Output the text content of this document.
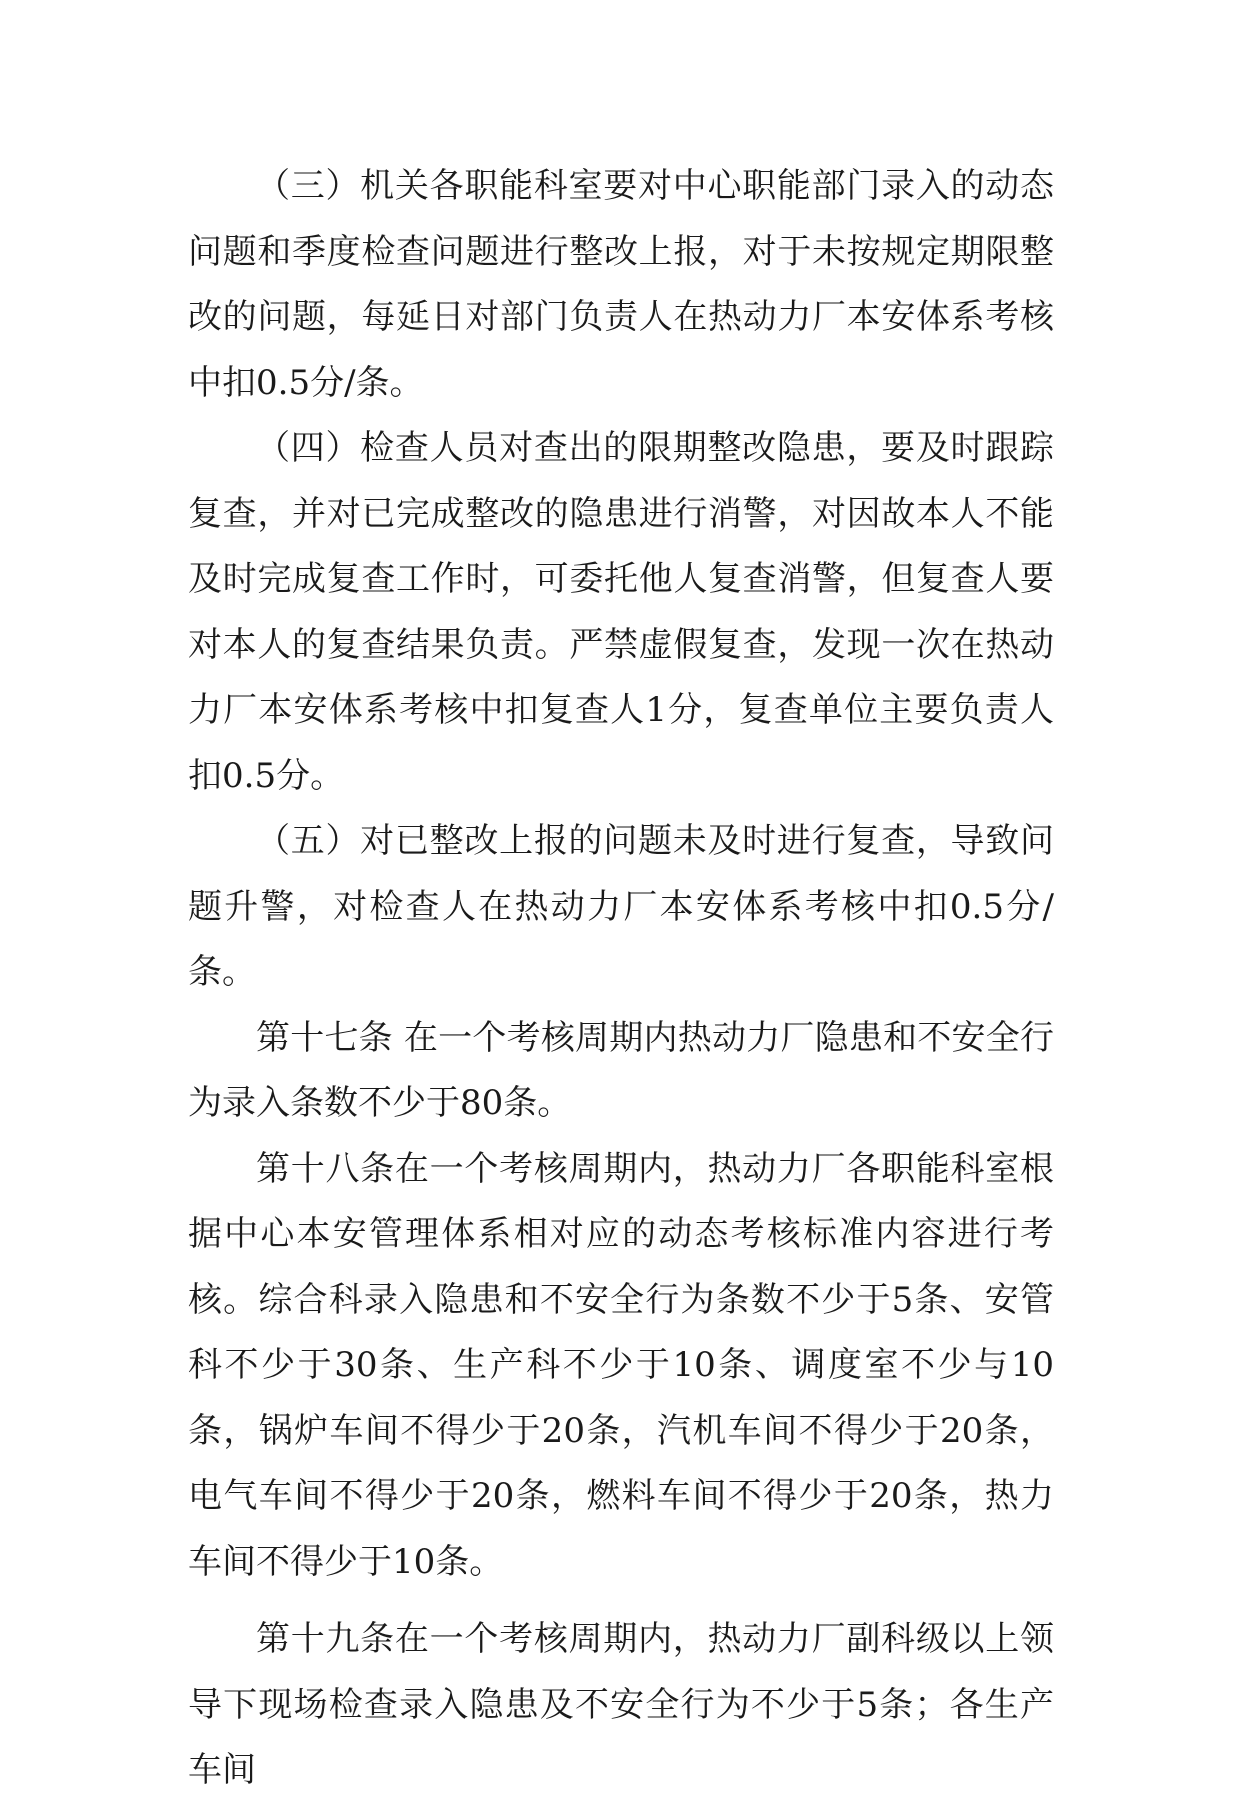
（三）机关各职能科室要对中心职能部门录入的动态问题和季度检查问题进行整改上报，对于未按规定期限整改的问题，每延日对部门负责人在热动力厂本安体系考核中扣0.5分/条。

（四）检查人员对查出的限期整改隐患，要及时跟踪复查，并对已完成整改的隐患进行消警，对因故本人不能及时完成复查工作时，可委托他人复查消警，但复查人要对本人的复查结果负责。严禁虚假复查，发现一次在热动力厂本安体系考核中扣复查人1分，复查单位主要负责人扣0.5分。

（五）对已整改上报的问题未及时进行复查，导致问题升警，对检查人在热动力厂本安体系考核中扣0.5分/条。

第十七条 在一个考核周期内热动力厂隐患和不安全行为录入条数不少于80条。

第十八条在一个考核周期内，热动力厂各职能科室根据中心本安管理体系相对应的动态考核标准内容进行考核。综合科录入隐患和不安全行为条数不少于5条、安管科不少于30条、生产科不少于10条、调度室不少与10条，锅炉车间不得少于20条，汽机车间不得少于20条，电气车间不得少于20条，燃料车间不得少于20条，热力车间不得少于10条。

第十九条在一个考核周期内，热动力厂副科级以上领导下现场检查录入隐患及不安全行为不少于5条；各生产车间
